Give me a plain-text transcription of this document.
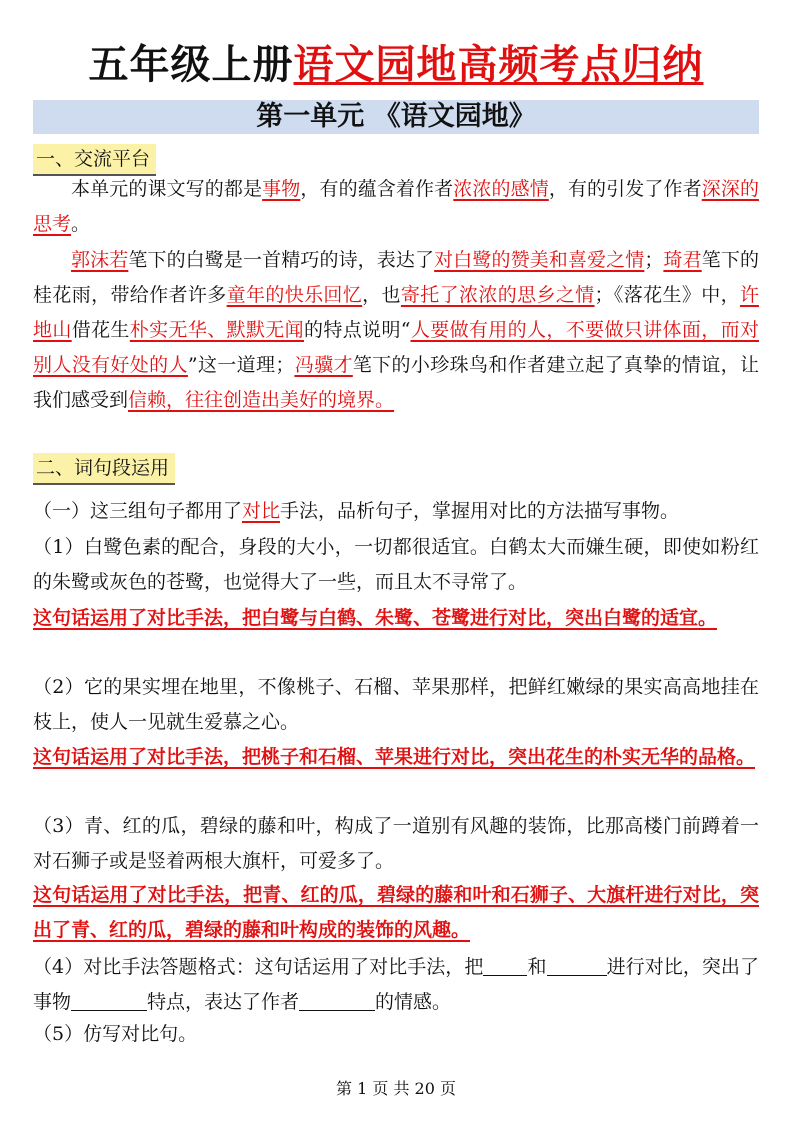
五年级上册语文园地高频考点归纳
第一单元 《语文园地》
一、交流平台
本单元的课文写的都是事物，有的蕴含着作者浓浓的感情，有的引发了作者深深的思考。
郭沫若笔下的白鹭是一首精巧的诗，表达了对白鹭的赞美和喜爱之情；琦君笔下的桂花雨，带给作者许多童年的快乐回忆，也寄托了浓浓的思乡之情；《落花生》中，许地山借花生朴实无华、默默无闻的特点说明“人要做有用的人，不要做只讲体面，而对别人没有好处的人”这一道理；冯骥才笔下的小珍珠鸟和作者建立起了真挚的情谊，让我们感受到信赖，往往创造出美好的境界。
二、词句段运用
（一）这三组句子都用了对比手法，品析句子，掌握用对比的方法描写事物。
（1）白鹭色素的配合，身段的大小，一切都很适宜。白鹤太大而嫌生硬，即使如粉红的朱鹭或灰色的苍鹭，也觉得大了一些，而且太不寻常了。
这句话运用了对比手法，把白鹭与白鹤、朱鹭、苍鹭进行对比，突出白鹭的适宜。
（2）它的果实埋在地里，不像桃子、石榴、苹果那样，把鲜红嫩绿的果实高高地挂在枝上，使人一见就生爱慕之心。
这句话运用了对比手法，把桃子和石榴、苹果进行对比，突出花生的朴实无华的品格。
（3）青、红的瓜，碧绿的藤和叶，构成了一道别有风趣的装饰，比那高楼门前蹲着一对石狮子或是竖着两根大旗杆，可爱多了。
这句话运用了对比手法，把青、红的瓜，碧绿的藤和叶和石狮子、大旗杆进行对比，突出了青、红的瓜，碧绿的藤和叶构成的装饰的风趣。
（4）对比手法答题格式：这句话运用了对比手法，把 和	进行对比，突出了事物	特点，表达了作者	的情感。
（5）仿写对比句。
第 1 页 共 20 页
